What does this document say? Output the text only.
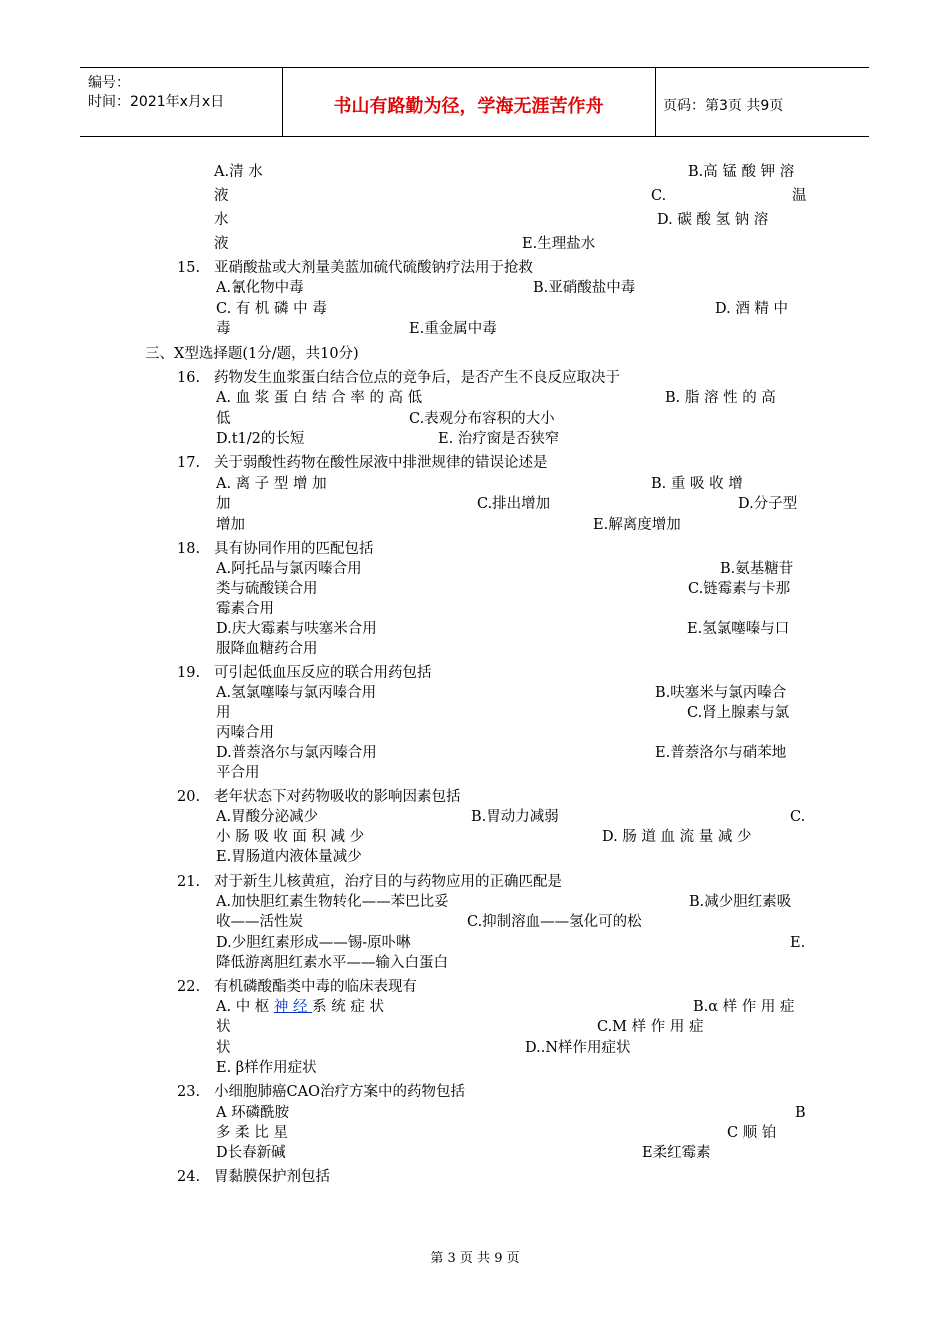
编号：
时间：2021年x月x日	书山有路勤为径，学海无涯苦作舟	页码：第3页 共9页
A.清 水	B.高 锰 酸 钾 溶
液	C.	温
水	D. 碳 酸 氢 钠 溶
液	E.生理盐水
15. 亚硝酸盐或大剂量美蓝加硫代硫酸钠疗法用于抢救
A.氰化物中毒	B.亚硝酸盐中毒
C. 有 机 磷 中 毒	D. 酒 精 中
毒	E.重金属中毒
三、X型选择题(1分/题，共10分)
16. 药物发生血浆蛋白结合位点的竞争后，是否产生不良反应取决于
A. 血 浆 蛋 白 结 合 率 的 高 低	B. 脂 溶 性 的 高
低	C.表观分布容积的大小
D.t1/2的长短	E. 治疗窗是否狭窄
17. 关于弱酸性药物在酸性尿液中排泄规律的错误论述是
A. 离 子 型 增 加	B. 重 吸 收 增
加	C.排出增加	D.分子型
增加	E.解离度增加
18. 具有协同作用的匹配包括
A.阿托品与氯丙嗪合用	B.氨基糖苷
类与硫酸镁合用	C.链霉素与卡那
霉素合用
D.庆大霉素与呋塞米合用	E.氢氯噻嗪与口
服降血糖药合用
19. 可引起低血压反应的联合用药包括
A.氢氯噻嗪与氯丙嗪合用	B.呋塞米与氯丙嗪合
用	C.肾上腺素与氯
丙嗪合用
D.普萘洛尔与氯丙嗪合用	E.普萘洛尔与硝苯地
平合用
20. 老年状态下对药物吸收的影响因素包括
A.胃酸分泌减少	B.胃动力减弱	C.
小 肠 吸 收 面 积 减 少	D. 肠 道 血 流 量 减 少
E.胃肠道内液体量减少
21. 对于新生儿核黄疸，治疗目的与药物应用的正确匹配是
A.加快胆红素生物转化——苯巴比妥	B.减少胆红素吸
收——活性炭	C.抑制溶血——氢化可的松
D.少胆红素形成——锡-原卟啉	E.
降低游离胆红素水平——输入白蛋白
22. 有机磷酸酯类中毒的临床表现有
A. 中 枢 神 经 系 统 症 状	B.α 样 作 用 症
状	C.M 样 作 用 症
状	D..N样作用症状
E. β样作用症状
23. 小细胞肺癌CAO治疗方案中的药物包括
A 环磷酰胺	B
多 柔 比 星	C 顺 铂
D长春新碱	E柔红霉素
24. 胃黏膜保护剂包括
第 3 页 共 9 页
